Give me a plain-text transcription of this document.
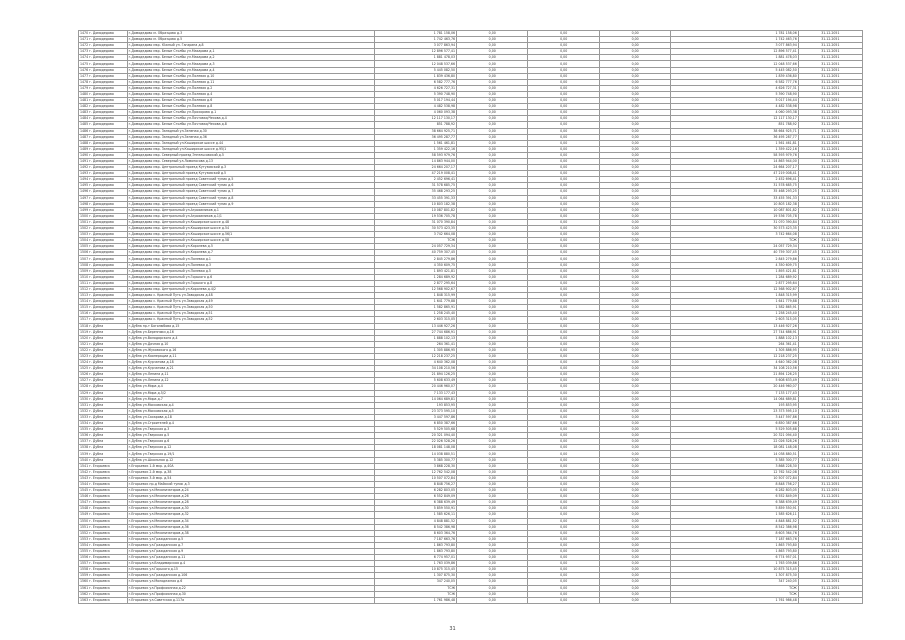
1470 г. Домодедово	г.Домодедово м. Образцово д.3	1 781 158,06	0,00	0,00	0,00	1 781 158,06	31.12.2051
1471 г. Домодедово	г.Домодедово м. Образцово д.5	1 742 463,76	0,00	0,00	0,00	1 742 463,76	31.12.2051
1472 г. Домодедово	г.Домодедово мкр. Южный ул. Гагарина д.8	3 077 863,94	0,00	0,00	0,00	3 077 863,94	31.12.2051
1473 г. Домодедово	г.Домодедово мкр. Белые Столбы ул.Макарова д.1	12 896 577,41	0,00	0,00	0,00	12 896 577,41	31.12.2051
1474 г. Домодедово	г.Домодедово мкр. Белые Столбы ул.Макарова д.2	1 881 478,03	0,00	0,00	0,00	1 881 478,03	31.12.2051
1475 г. Домодедово	г.Домодедово мкр. Белые Столбы ул.Макарова д.3	12 048 537,66	0,00	0,00	0,00	12 048 537,66	31.12.2051
1476 г. Домодедово	г.Домодедово мкр. Белые Столбы ул.Макарова д.4	5 445 082,50	0,00	0,00	0,00	5 445 082,50	31.12.2051
1477 г. Домодедово	г.Домодедово мкр. Белые Столбы ул.Полевая д.10	1 839 436,80	0,00	0,00	0,00	1 839 436,80	31.12.2051
1478 г. Домодедово	г.Домодедово мкр. Белые Столбы ул.Полевая д.11	6 582 777,76	0,00	0,00	0,00	6 582 777,76	31.12.2051
1479 г. Домодедово	г.Домодедово мкр. Белые Столбы ул.Полевая д.2	4 626 727,31	0,00	0,00	0,00	4 626 727,31	31.12.2051
1480 г. Домодедово	г.Домодедово мкр. Белые Столбы ул.Полевая д.4	5 390 748,90	0,00	0,00	0,00	5 390 748,90	31.12.2051
1481 г. Домодедово	г.Домодедово мкр. Белые Столбы ул.Полевая д.6	5 017 194,44	0,00	0,00	0,00	5 017 194,44	31.12.2051
1482 г. Домодедово	г.Домодедово мкр. Белые Столбы ул.Полевая д.8	4 482 538,98	0,00	0,00	0,00	4 482 538,98	31.12.2051
1483 г. Домодедово	г.Домодедово мкр. Белые Столбы ул.Прохорова д.1	4 060 093,38	0,00	0,00	0,00	4 060 093,38	31.12.2051
1484 г. Домодедово	г.Домодедово мкр. Белые Столбы ул.Почтовая/Чехова д.4	12 117 130,17	0,00	0,00	0,00	12 117 130,17	31.12.2051
1485 г. Домодедово	г.Домодедово мкр. Белые Столбы ул.Почтовая/Чехова д.8	851 788,92	0,00	0,00	0,00	851 788,92	31.12.2051
1486 г. Домодедово	г.Домодедово мкр. Западный ул.Зеленая д.30	38 664 925,71	0,00	0,00	0,00	38 664 925,71	31.12.2051
1487 г. Домодедово	г.Домодедово мкр. Западный ул.Зеленая д.36	36 495 287,77	0,00	0,00	0,00	36 495 287,77	31.12.2051
1488 г. Домодедово	г.Домодедово мкр. Западный ул.Каширское шоссе д.44	1 561 461,81	0,00	0,00	0,00	1 561 461,81	31.12.2051
1489 г. Домодедово	г.Домодедово мкр. Западный ул.Каширское шоссе д.95/1	1 359 422,16	0,00	0,00	0,00	1 359 422,16	31.12.2051
1490 г. Домодедово	г.Домодедово мкр. Северный проезд Энгельсовский д.5	58 593 979,76	0,00	0,00	0,00	58 593 979,76	31.12.2051
1491 г. Домодедово	г.Домодедово мкр. Северный ул.Ломоносова д.13	14 863 944,00	0,00	0,00	0,00	14 863 944,00	31.12.2051
1492 г. Домодедово	г.Домодедово мкр. Центральный проезд Кутузовский д.3	24 664 207,17	0,00	0,00	0,00	24 664 207,17	31.12.2051
1493 г. Домодедово	г.Домодедово мкр. Центральный проезд Кутузовский д.5	47 219 008,41	0,00	0,00	0,00	47 219 008,41	31.12.2051
1494 г. Домодедово	г.Домодедово мкр. Центральный проезд Советский тупик д.5	2 452 696,41	0,00	0,00	0,00	2 452 696,41	31.12.2051
1495 г. Домодедово	г.Домодедово мкр. Центральный проезд Советский тупик д.6	31 578 685,75	0,00	0,00	0,00	31 578 685,75	31.12.2051
1496 г. Домодедово	г.Домодедово мкр. Центральный проезд Советский тупик д.7	35 468 293,25	0,00	0,00	0,00	35 468 293,25	31.12.2051
1497 г. Домодедово	г.Домодедово мкр. Центральный проезд Советский тупик д.8	33 455 391,33	0,00	0,00	0,00	33 455 391,33	31.12.2051
1498 г. Домодедово	г.Домодедово мкр. Центральный проезд Советский тупик д.9	10 803 182,38	0,00	0,00	0,00	10 803 182,38	31.12.2051
1499 г. Домодедово	г.Домодедово мкр. Центральный ул.Агрохимиков д.1	10 087 801,82	0,00	0,00	0,00	10 087 801,82	31.12.2051
1500 г. Домодедово	г.Домодедово мкр. Центральный ул.Агрохимиков д.1/1	19 536 705,78	0,00	0,00	0,00	19 536 705,78	31.12.2051
1501 г. Домодедово	г.Домодедово мкр. Центральный ул.Каширское шоссе д.48	31 070 390,84	0,00	0,00	0,00	31 070 390,84	31.12.2051
1502 г. Домодедово	г.Домодедово мкр. Центральный ул.Каширское шоссе д.54	30 573 423,35	0,00	0,00	0,00	30 573 423,35	31.12.2051
1503 г. Домодедово	г.Домодедово мкр. Центральный ул.Каширское шоссе д.56/1	3 742 664,08	0,00	0,00	0,00	3 742 664,08	31.12.2051
1504 г. Домодедово	г.Домодедово мкр. Центральный ул.Каширское шоссе д.58	ТСЖ	0,00	0,00	0,00	ТСЖ	31.12.2051
1505 г. Домодедово	г.Домодедово мкр. Центральный ул.Королева д.5	24 057 729,34	0,00	0,00	0,00	24 057 729,34	31.12.2051
1506 г. Домодедово	г.Домодедово мкр. Центральный ул.Королева д.7	40 759 307,45	0,00	0,00	0,00	40 759 307,45	31.12.2051
1507 г. Домодедово	г.Домодедово мкр. Центральный ул.Полевая д.1	2 845 279,86	0,00	0,00	0,00	2 845 279,86	31.12.2051
1508 г. Домодедово	г.Домодедово мкр. Центральный ул.Полевая д.3	4 350 609,75	0,00	0,00	0,00	4 350 609,75	31.12.2051
1509 г. Домодедово	г.Домодедово мкр. Центральный ул.Полевая д.5	1 893 421,81	0,00	0,00	0,00	1 893 421,81	31.12.2051
1510 г. Домодедово	г.Домодедово мкр. Центральный ул.Горького д.6	1 284 689,92	0,00	0,00	0,00	1 284 689,92	31.12.2051
1511 г. Домодедово	г.Домодедово мкр. Центральный ул.Горького д.8	2 877 295,64	0,00	0,00	0,00	2 877 295,64	31.12.2051
1512 г. Домодедово	г.Домодедово мкр. Центральный ул.Королева д.4/2	12 568 902,67	0,00	0,00	0,00	12 568 902,67	31.12.2051
1513 г. Домодедово	г.Домодедово с. Красный Путь ул.Заводская д.48	1 848 315,99	0,00	0,00	0,00	1 848 315,99	31.12.2051
1514 г. Домодедово	г.Домодедово с. Красный Путь ул.Заводская д.49	1 641 779,88	0,00	0,00	0,00	1 641 779,88	31.12.2051
1515 г. Домодедово	г.Домодедово с. Красный Путь ул.Заводская д.50	1 582 865,91	0,00	0,00	0,00	1 582 865,91	31.12.2051
1516 г. Домодедово	г.Домодедово с. Красный Путь ул.Заводская д.51	1 258 245,40	0,00	0,00	0,00	1 258 245,40	31.12.2051
1517 г. Домодедово	г.Домодедово с. Красный Путь ул.Заводская д.52	2 603 315,05	0,00	0,00	0,00	2 603 315,05	31.12.2051
1518 г. Дубна	г.Дубна пр-т Боголюбова д.15	13 446 927,26	0,00	0,00	0,00	13 446 927,26	31.12.2051
1519 г. Дубна	г.Дубна ул.Березняки д.16	27 744 686,91	0,00	0,00	0,00	27 744 686,91	31.12.2051
1520 г. Дубна	г.Дубна ул.Володарского д.4	1 888 102,13	0,00	0,00	0,00	1 888 102,13	31.12.2051
1521 г. Дубна	г.Дубна ул.Дачная д.10	264 361,41	0,00	0,00	0,00	264 361,41	31.12.2051
1522 г. Дубна	г.Дубна ул.Жуковского д.16	1 305 886,95	0,00	0,00	0,00	1 305 886,95	31.12.2051
1523 г. Дубна	г.Дубна ул.Кооперации д.11	12 218 237,25	0,00	0,00	0,00	12 218 237,25	31.12.2051
1524 г. Дубна	г.Дубна ул.Курчатова д.18	4 640 362,08	0,00	0,00	0,00	4 640 362,08	31.12.2051
1525 г. Дубна	г.Дубна ул.Курчатова д.21	34 108 210,56	0,00	0,00	0,00	34 108 210,56	31.12.2051
1526 г. Дубна	г.Дубна ул.Ленина д.11	21 894 126,25	0,00	0,00	0,00	21 894 126,25	31.12.2051
1527 г. Дубна	г.Дубна ул.Ленина д.12	5 608 633,49	0,00	0,00	0,00	5 608 633,49	31.12.2051
1528 г. Дубна	г.Дубна ул.Мира д.4	20 446 960,07	0,00	0,00	0,00	20 446 960,07	31.12.2051
1529 г. Дубна	г.Дубна ул.Мира д.5/2	7 133 177,43	0,00	0,00	0,00	7 133 177,43	31.12.2051
1530 г. Дубна	г.Дубна ул.Мира д.7	14 064 689,81	0,00	0,00	0,00	14 064 689,81	31.12.2051
1531 г. Дубна	г.Дубна ул.Московская д.4	193 853,95	0,00	0,00	0,00	193 853,95	31.12.2051
1532 г. Дубна	г.Дубна ул.Московская д.5	23 373 595,10	0,00	0,00	0,00	23 373 595,10	31.12.2051
1533 г. Дубна	г.Дубна ул.Сахарова д.18	3 447 597,86	0,00	0,00	0,00	3 447 597,86	31.12.2051
1534 г. Дубна	г.Дубна ул.Строителей д.4	6 850 387,66	0,00	0,00	0,00	6 850 387,66	31.12.2051
1535 г. Дубна	г.Дубна ул.Тверская д.3	5 529 505,68	0,00	0,00	0,00	5 529 505,68	31.12.2051
1536 г. Дубна	г.Дубна ул.Тверская д.5	20 321 094,40	0,00	0,00	0,00	20 321 094,40	31.12.2051
1537 г. Дубна	г.Дубна ул.Тверская д.6	22 026 528,26	0,00	0,00	0,00	22 026 528,26	31.12.2051
1538 г. Дубна	г.Дубна ул.Тверская д.12	18 081 148,08	0,00	0,00	0,00	18 081 148,08	31.12.2051
1539 г. Дубна	г.Дубна ул.Тверская д.19/1	14 038 880,51	0,00	0,00	0,00	14 038 880,51	31.12.2051
1540 г. Дубна	г.Дубна ул.Школьная д.12	5 385 300,77	0,00	0,00	0,00	5 385 300,77	31.12.2051
1541 г. Егорьевск	г.Егорьевск 1-й мкр. д.40А	3 868 228,30	0,00	0,00	0,00	3 868 228,30	31.12.2051
1542 г. Егорьевск	г.Егорьевск 2-й мкр. д.38	12 762 542,08	0,00	0,00	0,00	12 762 542,08	31.12.2051
1543 г. Егорьевск	г.Егорьевск 3-й мкр. д.54	10 507 072,84	0,00	0,00	0,00	10 507 072,84	31.12.2051
1544 г. Егорьевск	г.Егорьевск пр-д Майский тупик д.3	8 848 756,27	0,00	0,00	0,00	8 848 756,27	31.12.2051
1545 г. Егорьевск	г.Егорьевск ул.Механизаторов д.24	6 282 803,05	0,00	0,00	0,00	6 282 803,05	31.12.2051
1546 г. Егорьевск	г.Егорьевск ул.Механизаторов д.26	6 552 849,09	0,00	0,00	0,00	6 552 849,09	31.12.2051
1547 г. Егорьевск	г.Егорьевск ул.Механизаторов д.28	6 388 639,49	0,00	0,00	0,00	6 388 639,49	31.12.2051
1548 г. Егорьевск	г.Егорьевск ул.Механизаторов д.30	5 859 550,91	0,00	0,00	0,00	5 859 550,91	31.12.2051
1549 г. Егорьевск	г.Егорьевск ул.Механизаторов д.32	1 585 626,11	0,00	0,00	0,00	1 585 626,11	31.12.2051
1550 г. Егорьевск	г.Егорьевск ул.Механизаторов д.34	4 848 881,52	0,00	0,00	0,00	4 848 881,52	31.12.2051
1551 г. Егорьевск	г.Егорьевск ул.Механизаторов д.36	8 542 386,98	0,00	0,00	0,00	8 542 386,98	31.12.2051
1552 г. Егорьевск	г.Егорьевск ул.Механизаторов д.38	8 603 364,76	0,00	0,00	0,00	8 603 364,76	31.12.2051
1553 г. Егорьевск	г.Егорьевск ул.Гражданская д.5	7 187 663,76	0,00	0,00	0,00	7 187 663,76	31.12.2051
1554 г. Егорьевск	г.Егорьевск ул.Гражданская д.7	1 863 793,80	0,00	0,00	0,00	1 863 793,80	31.12.2051
1555 г. Егорьевск	г.Егорьевск ул.Гражданская д.9	1 863 793,80	0,00	0,00	0,00	1 863 793,80	31.12.2051
1556 г. Егорьевск	г.Егорьевск ул.Гражданская д.11	6 774 957,01	0,00	0,00	0,00	6 774 957,01	31.12.2051
1557 г. Егорьевск	г.Егорьевск ул.Владимирская д.4	1 763 039,86	0,00	0,00	0,00	1 763 039,86	31.12.2051
1558 г. Егорьевск	г.Егорьевск ул.Горького д.15	10 875 315,45	0,00	0,00	0,00	10 875 315,45	31.12.2051
1559 г. Егорьевск	г.Егорьевск ул.Гражданская д.106	1 307 875,30	0,00	0,00	0,00	1 307 875,30	31.12.2051
1560 г. Егорьевск	г.Егорьевск ул.Молодежная д.6	347 240,05	0,00	0,00	0,00	347 240,05	31.12.2051
1561 г. Егорьевск	г.Егорьевск ул.Профсоюзная д.22	ТСЖ	0,00	0,00	0,00	ТСЖ	31.12.2051
1562 г. Егорьевск	г.Егорьевск ул.Профсоюзная д.30	ТСЖ	0,00	0,00	0,00	ТСЖ	31.12.2051
1563 г. Егорьевск	г.Егорьевск ул.Советская д.117а	1 761 986,48	0,00	0,00	0,00	1 761 986,48	31.12.2051
31
